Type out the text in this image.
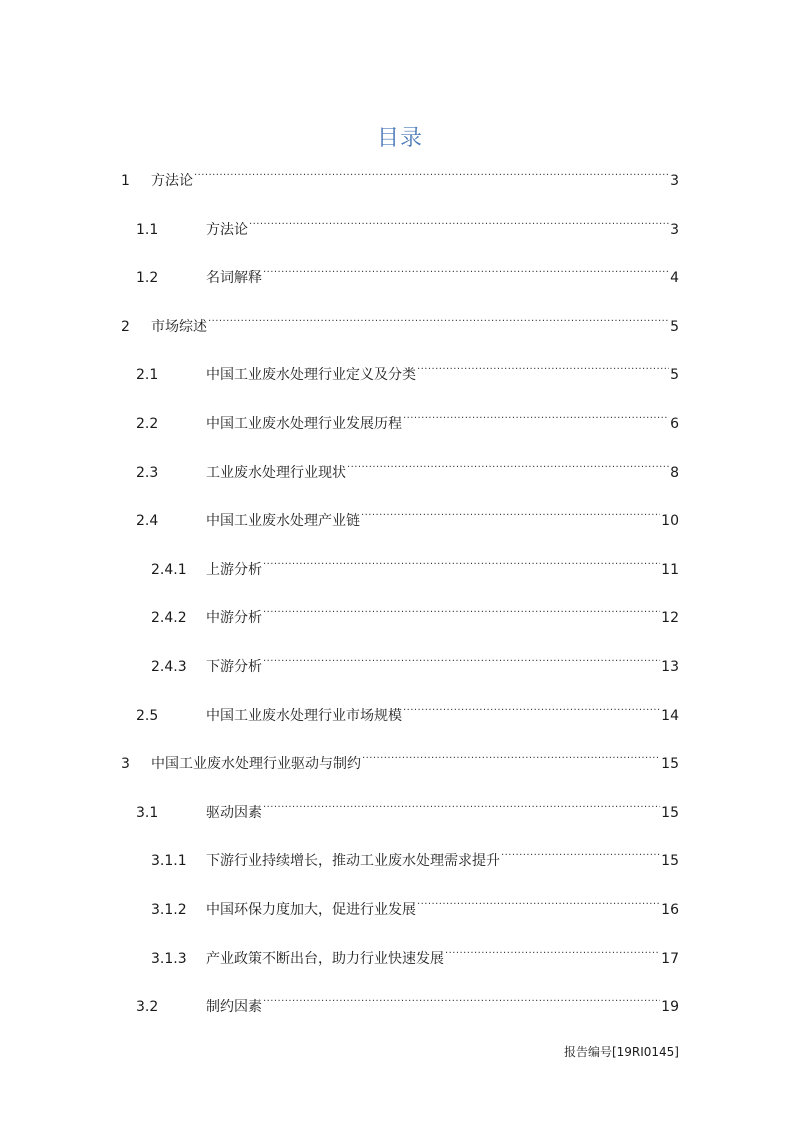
目录
1 方法论 .....	3
1.1	方法论 .....	3
1.2	名词解释 .....	4
2 市场综述 .....	5
2.1	中国工业废水处理行业定义及分类 .....	5
2.2	中国工业废水处理行业发展历程 .....	6
2.3	工业废水处理行业现状 .....	8
2.4	中国工业废水处理产业链 .....	10
2.4.1 上游分析 .....	11
2.4.2 中游分析 .....	12
2.4.3 下游分析 .....	13
2.5	中国工业废水处理行业市场规模 .....	14
3 中国工业废水处理行业驱动与制约 .....	15
3.1	驱动因素 .....	15
3.1.1 下游行业持续增长，推动工业废水处理需求提升 .....	15
3.1.2 中国环保力度加大，促进行业发展 .....	16
3.1.3 产业政策不断出台，助力行业快速发展 .....	17
3.2	制约因素 .....	19
报告编号[19RI0145]
